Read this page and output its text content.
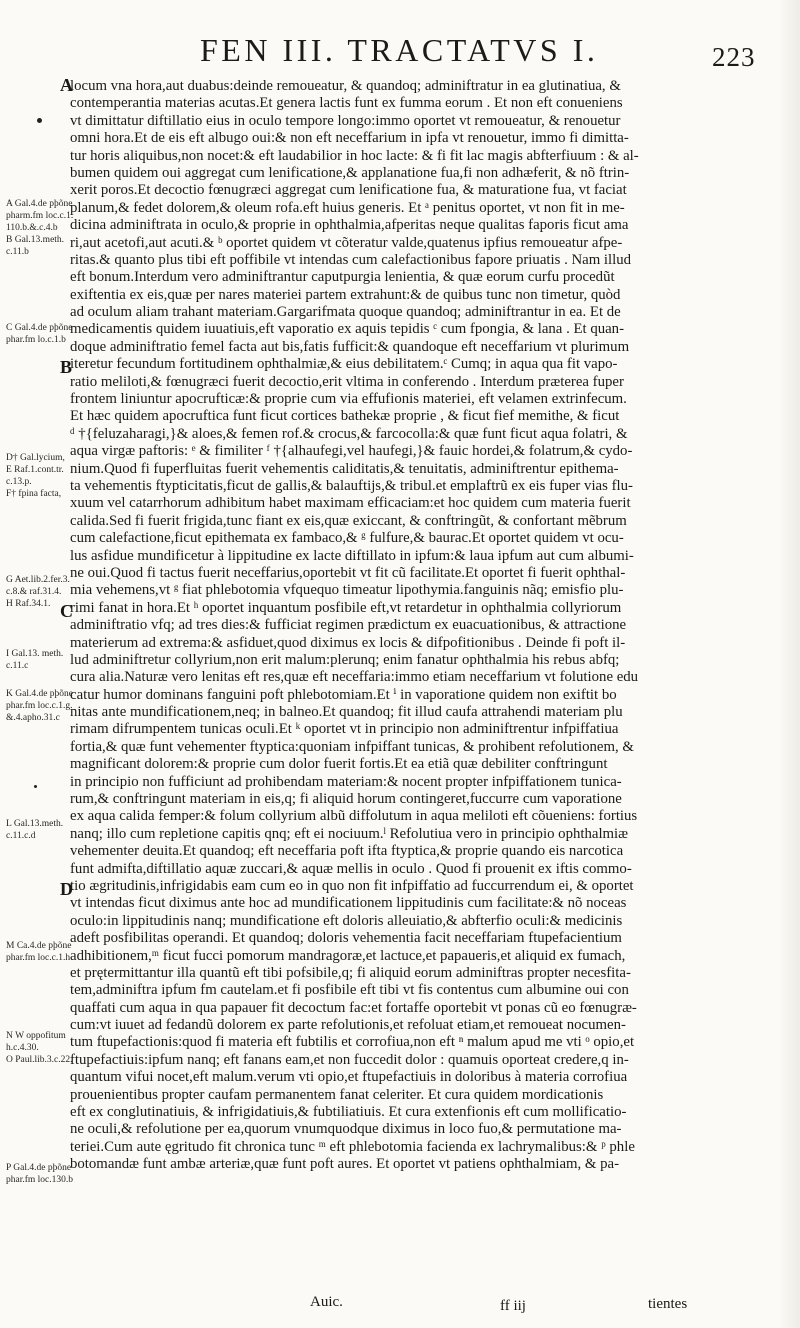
FEN III. TRACTATVS I.	223
A
B
C
D
A Gal.4.de pþõne
pharm.fm loc.c.1.
110.b.&.c.4.b
B Gal.13.meth.
c.11.b
C Gal.4.de pþõne
phar.fm lo.c.1.b
D† Gal.lycium,
E Raf.1.cont.tr.
c.13.p.
F† fpina facta,
G Aet.lib.2.fer.3.
c.8.& raf.31.4.
H Raf.34.1.
I Gal.13. meth.
c.11.c
K Gal.4.de pþõne
phar.fm loc.c.1.g.
&.4.apho.31.c
L Gal.13.meth.
c.11.c.d
M Ca.4.de pþõne
phar.fm loc.c.1.h
N W oppofitum
h.c.4.30.
O Paul.lib.3.c.22.
P Gal.4.de pþõne
phar.fm loc.130.b
locum vna hora,aut duabus:deinde remoueatur, & quandoq; adminiftratur in ea glutinatiua, &
contemperantia materias acutas.Et genera lactis funt ex fumma eorum . Et non eft conueniens
vt dimittatur diftillatio eius in oculo tempore longo:immo oportet vt remoueatur, & renouetur
omni hora.Et de eis eft albugo oui:& non eft neceffarium in ipfa vt renouetur, immo fi dimitta-
tur horis aliquibus,non nocet:& eft laudabilior in hoc lacte: & fi fit lac magis abfterfiuum : & al-
bumen quidem oui aggregat cum lenificatione,& applanatione fua,fi non adhæferit, & nõ ftrin-
xerit poros.Et decoctio fœnugræci aggregat cum lenificatione fua, & maturatione fua, vt faciat
planum,& fedet dolorem,& oleum rofa.eft huius generis. Et ᵃ penitus oportet, vt non fit in me-
dicina adminiftrata in oculo,& proprie in ophthalmia,afperitas neque qualitas faporis ficut ama
ri,aut acetofi,aut acuti.& ᵇ oportet quidem vt cõteratur valde,quatenus ipfius remoueatur afpe-
ritas.& quanto plus tibi eft poffibile vt intendas cum calefactionibus fapore priuatis . Nam illud
eft bonum.Interdum vero adminiftrantur caputpurgia lenientia, & quæ eorum curfu procedũt
exiftentia ex eis,quæ per nares materiei partem extrahunt:& de quibus tunc non timetur, quòd
ad oculum aliam trahant materiam.Gargarifmata quoque quandoq; adminiftrantur in ea. Et de
medicamentis quidem iuuatiuis,eft vaporatio ex aquis tepidis ᶜ cum fpongia, & lana . Et quan-
doque adminiftratio femel facta aut bis,fatis fufficit:& quandoque eft neceffarium vt plurimum
iteretur fecundum fortitudinem ophthalmiæ,& eius debilitatem.ᶜ Cumq; in aqua qua fit vapo-
ratio meliloti,& fœnugræci fuerit decoctio,erit vltima in conferendo . Interdum præterea fuper
frontem liniuntur apocrufticæ:& proprie cum via effufionis materiei, eft velamen extrinfecum.
Et hæc quidem apocruftica funt ficut cortices bathekæ proprie , & ficut fief memithe, & ficut
ᵈ †{feluzaharagi,}& aloes,& femen rof.& crocus,& farcocolla:& quæ funt ficut aqua folatri, &
aqua virgæ paftoris: ᵉ & fimiliter ᶠ †{alhaufegi,vel haufegi,}& fauic hordei,& folatrum,& cydo-
nium.Quod fi fuperfluitas fuerit vehementis caliditatis,& tenuitatis, adminiftrentur epithema-
ta vehementis ftypticitatis,ficut de gallis,& balauftijs,& tribul.et emplaftrũ ex eis fuper vias flu-
xuum vel catarrhorum adhibitum habet maximam efficaciam:et hoc quidem cum materia fuerit
calida.Sed fi fuerit frigida,tunc fiant ex eis,quæ exiccant, & conftringũt, & confortant mẽbrum
cum calefactione,ficut epithemata ex fambaco,& ᵍ fulfure,& baurac.Et oportet quidem vt ocu-
lus asfidue mundificetur à lippitudine ex lacte diftillato in ipfum:& laua ipfum aut cum albumi-
ne oui.Quod fi tactus fuerit neceffarius,oportebit vt fit cũ facilitate.Et oportet fi fuerit ophthal-
mia vehemens,vt ᵍ fiat phlebotomia vfquequo timeatur lipothymia.fanguinis nãq; emisfio plu-
rimi fanat in hora.Et ʰ oportet inquantum posfibile eft,vt retardetur in ophthalmia collyriorum
adminiftratio vfq; ad tres dies:& fufficiat regimen prædictum ex euacuationibus, & attractione
materierum ad extrema:& asfiduet,quod diximus ex locis & difpofitionibus . Deinde fi poft il-
lud adminiftretur collyrium,non erit malum:plerunq; enim fanatur ophthalmia his rebus abfq;
cura alia.Naturæ vero lenitas eft res,quæ eft neceffaria:immo etiam neceffarium vt folutione edu
catur humor dominans fanguini poft phlebotomiam.Et ⁱ in vaporatione quidem non exiftit bo
nitas ante mundificationem,neq; in balneo.Et quandoq; fit illud caufa attrahendi materiam plu
rimam difrumpentem tunicas oculi.Et ᵏ oportet vt in principio non adminiftrentur infpiffatiua
fortia,& quæ funt vehementer ftyptica:quoniam infpiffant tunicas, & prohibent refolutionem, &
magnificant dolorem:& proprie cum dolor fuerit fortis.Et ea etiã quæ debiliter conftringunt
in principio non fufficiunt ad prohibendam materiam:& nocent propter infpiffationem tunica-
rum,& conftringunt materiam in eis,q; fi aliquid horum contingeret,fuccurre cum vaporatione
ex aqua calida femper:& folum collyrium albũ diffolutum in aqua meliloti eft cõueniens: fortius
nanq; illo cum repletione capitis qnq; eft ei nociuum.ˡ Refolutiua vero in principio ophthalmiæ
vehementer deuita.Et quandoq; eft neceffaria poft ifta ftyptica,& proprie quando eis narcotica
funt admifta,diftillatio aquæ zuccari,& aquæ mellis in oculo . Quod fi prouenit ex iftis commo-
tio ægritudinis,infrigidabis eam cum eo in quo non fit infpiffatio ad fuccurrendum ei, & oportet
vt intendas ficut diximus ante hoc ad mundificationem lippitudinis cum facilitate:& nõ noceas
oculo:in lippitudinis nanq; mundificatione eft doloris alleuiatio,& abfterfio oculi:& medicinis
adeft posfibilitas operandi. Et quandoq; doloris vehementia facit neceffariam ftupefacientium
adhibitionem,ᵐ ficut fucci pomorum mandragoræ,et lactuce,et papaueris,et aliquid ex fumach,
et prętermittantur illa quantũ eft tibi pofsibile,q; fi aliquid eorum adminiftras propter necesfita-
tem,adminiftra ipfum fm cautelam.et fi posfibile eft tibi vt fis contentus cum albumine oui con
quaffati cum aqua in qua papauer fit decoctum fac:et fortaffe oportebit vt ponas cũ eo fœnugræ-
cum:vt iuuet ad fedandũ dolorem ex parte refolutionis,et refoluat etiam,et remoueat nocumen-
tum ftupefactionis:quod fi materia eft fubtilis et corrofiua,non eft ⁿ malum apud me vti ᵒ opio,et
ftupefactiuis:ipfum nanq; eft fanans eam,et non fuccedit dolor : quamuis oporteat credere,q in-
quantum vifui nocet,eft malum.verum vti opio,et ftupefactiuis in doloribus à materia corrofiua
prouenientibus propter caufam permanentem fanat celeriter. Et cura quidem mordicationis
eft ex conglutinatiuis, & infrigidatiuis,& fubtiliatiuis. Et cura extenfionis eft cum mollificatio-
ne oculi,& refolutione per ea,quorum vnumquodque diximus in loco fuo,& permutatione ma-
teriei.Cum aute ęgritudo fit chronica tunc ᵐ eft phlebotomia facienda ex lachrymalibus:& ᵖ phle
botomandæ funt ambæ arteriæ,quæ funt poft aures. Et oportet vt patiens ophthalmiam, & pa-
Auic.	ff iij	tientes
